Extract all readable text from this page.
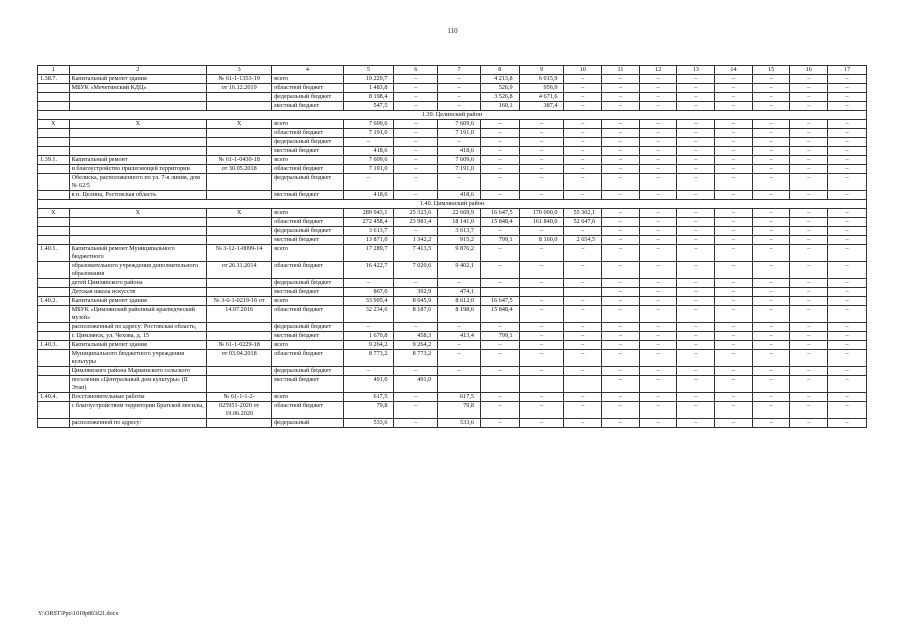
110
1	2	3	4	5	6	7	8	9	10	11	12	13	14	15	16	17
1.38.7.	Капитальный ремонт здания	№ 61-1-1353-19	всего	10 229,7	–	–	4 213,8	6 015,9	–	–	–	–	–	–	–	–
	МБУК «Мечетинский КДЦ»	от 16.12.2019	областной бюджет	1 483,8	–	–	526,9	956,9	–	–	–	–	–	–	–	–
			федеральный бюджет	8 198,4	–	–	3 526,8	4 671,6	–	–	–	–	–	–	–	–
			местный бюджет	547,5	–	–	160,1	387,4	–	–	–	–	–	–	–	–
1.39. Целинский район																
X	X	X	всего	7 609,6	–	7 609,6	–	–	–	–	–	–	–	–	–	–
			областной бюджет	7 191,0	–	7 191,0	–	–	–	–	–	–	–	–	–	–
			федеральный бюджет	–	–	–	–	–	–	–	–	–	–	–	–	–
			местный бюджет	418,6	–	418,6	–	–	–	–	–	–	–	–	–	–
1.39.1.	Капитальный ремонт	№ 61-1-0430-18	всего	7 609,6	–	7 609,6	–	–	–	–	–	–	–	–	–	–
	и благоустройство прилегающей территории	от 30.05.2018	областной бюджет	7 191,0	–	7 191,0	–	–	–	–	–	–	–	–	–	–
	Обелиска, расположенного по ул. 7-я линия, дом № 62/5		федеральный бюджет	–	–	–	–	–	–	–	–	–	–	–	–	–
	в п. Целина, Ростовская область		местный бюджет	418,6	–	418,6	–	–	–	–	–	–	–	–	–	–
1.40. Цимлянский район																
X	X	X	всего	289 943,1	25 323,6	22 669,9	16 647,5	170 000,0	55 302,1	–	–	–	–	–	–	–
			областной бюджет	272 458,4	23 981,4	18 141,0	15 848,4	161 840,0	52 647,6	–	–	–	–	–	–	–
			федеральный бюджет	3 613,7	–	3 613,7	–	–	–	–	–	–	–	–	–	–
			местный бюджет	13 871,0	1 342,2	915,2	799,1	8 160,0	2 654,5	–	–	–	–	–	–	–
1.40.1.	Капитальный ремонт Муниципального бюджетного	№ 3-12-1-0099-14	всего	17 289,7	7 413,5	9 876,2	–	–	–	–	–	–	–	–	–	–
	образовательного учреждения дополнительного образования	от 26.11.2014	областной бюджет	16 422,7	7 020,6	9 402,1	–	–	–	–	–	–	–	–	–	–
	детей Цимлянского района		федеральный бюджет	–	–	–	–	–	–	–	–	–	–	–	–	–
	Детская школа искусств		местный бюджет	867,0	392,9	474,1				–	–	–	–	–	–	–
1.40.2.	Капитальный ремонт здания	№ 3-6-1-0219-16 от	всего	33 905,4	8 645,9	8 612,0	16 647,5	–	–	–	–	–	–	–	–	–
	МБУК «Цимлянский районный краеведческий музей»	14.07.2016	областной бюджет	32 234,6	8 187,6	8 198,6	15 848,4	–	–	–	–	–	–	–	–	–
	расположенный по адресу: Ростовская область,		федеральный бюджет	–	–	–	–	–	–	–	–	–	–	–	–	–
	г. Цимлянск, ул. Чехова, д. 15		местный бюджет	1 670,8	458,3	413,4	799,1	–	–	–	–	–	–	–	–	–
1.40.3.	Капитальный ремонт здания	№ 61-1-0229-18	всего	9 264,2	9 264,2	–	–	–	–	–	–	–	–	–	–	–
	Муниципального бюджетного учреждения культуры	от 03.04.2018	областной бюджет	8 773,2	8 773,2	–	–	–	–	–	–	–	–	–	–	–
	Цимлянского района Маркинского сельского		федеральный бюджет	–	–	–	–	–	–	–	–	–	–	–	–	–
	поселения «Центральный дом культуры» (II Этап)		местный бюджет	491,0	491,0					–	–	–	–	–	–	–
1.40.4.	Восстановительные работы	№ 61-1-1-2-	всего	617,5	–	617,5	–	–	–	–	–	–	–	–	–	–
	с благоустройством территории Братской могилы,	025951-2020 от 19.06.2020	областной бюджет	79,8	–	79,8	–	–	–	–	–	–	–	–	–	–
	расположенной по адресу:		федеральный	533,6	–	533,6	–	–	–	–	–	–	–	–	–	–
Y:\ORST\Ppo\1018p863f21.docx
